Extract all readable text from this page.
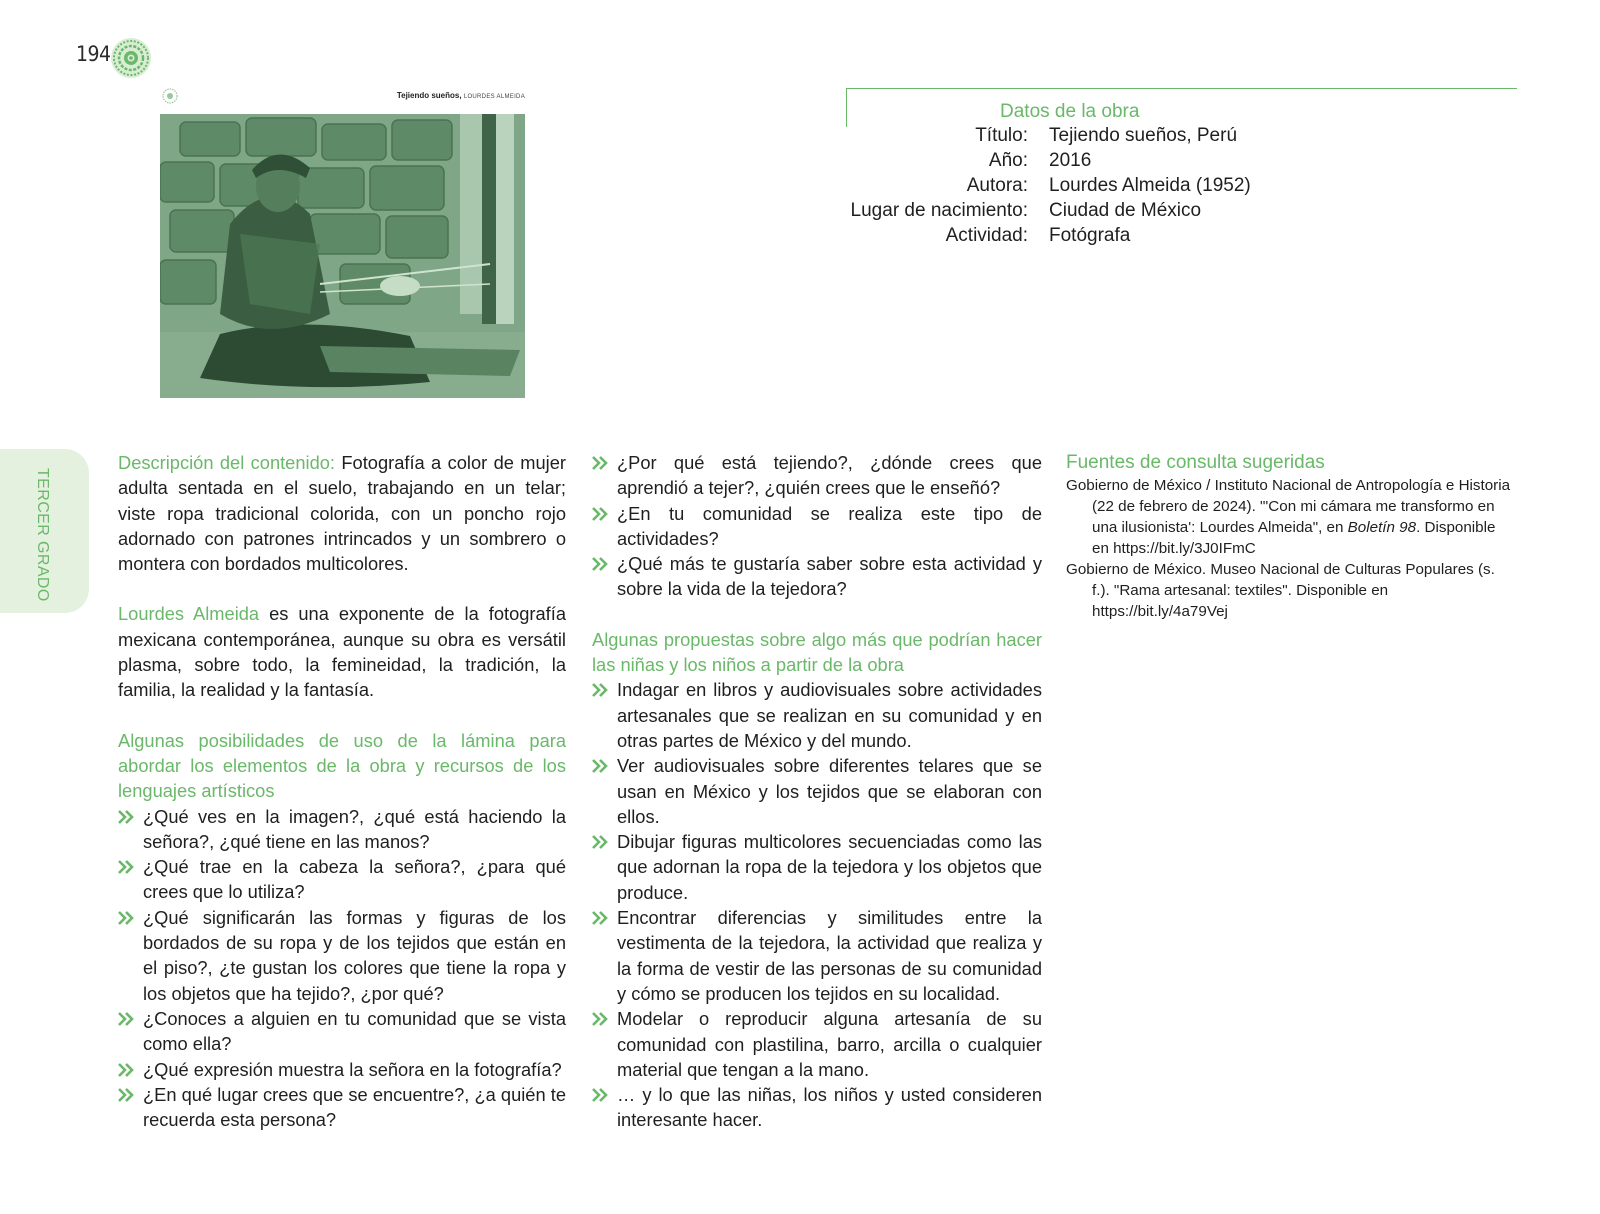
194
TERCER GRADO
Tejiendo sueños, LOURDES ALMEIDA
Datos de la obra
Título: Tejiendo sueños, Perú
Año: 2016
Autora: Lourdes Almeida (1952)
Lugar de nacimiento: Ciudad de México
Actividad: Fotógrafa

Descripción del contenido: Fotografía a color de mujer adulta sentada en el suelo, trabajando en un telar; viste ropa tradicional colorida, con un poncho rojo adornado con patrones intrincados y un sombrero o montera con bordados multicolores.

Lourdes Almeida es una exponente de la fotografía mexicana contemporánea, aunque su obra es versátil plasma, sobre todo, la femineidad, la tradición, la familia, la realidad y la fantasía.

Algunas posibilidades de uso de la lámina para abordar los elementos de la obra y recursos de los lenguajes artísticos

¿Qué ves en la imagen?, ¿qué está haciendo la señora?, ¿qué tiene en las manos?
¿Qué trae en la cabeza la señora?, ¿para qué crees que lo utiliza?
¿Qué significarán las formas y figuras de los bordados de su ropa y de los tejidos que están en el piso?, ¿te gustan los colores que tiene la ropa y los objetos que ha tejido?, ¿por qué?
¿Conoces a alguien en tu comunidad que se vista como ella?
¿Qué expresión muestra la señora en la fotografía?
¿En qué lugar crees que se encuentre?, ¿a quién te recuerda esta persona?
¿Por qué está tejiendo?, ¿dónde crees que aprendió a tejer?, ¿quién crees que le enseñó?
¿En tu comunidad se realiza este tipo de actividades?
¿Qué más te gustaría saber sobre esta actividad y sobre la vida de la tejedora?

Algunas propuestas sobre algo más que podrían hacer las niñas y los niños a partir de la obra

Indagar en libros y audiovisuales sobre actividades artesanales que se realizan en su comunidad y en otras partes de México y del mundo.
Ver audiovisuales sobre diferentes telares que se usan en México y los tejidos que se elaboran con ellos.
Dibujar figuras multicolores secuenciadas como las que adornan la ropa de la tejedora y los objetos que produce.
Encontrar diferencias y similitudes entre la vestimenta de la tejedora, la actividad que realiza y la forma de vestir de las personas de su comunidad y cómo se producen los tejidos en su localidad.
Modelar o reproducir alguna artesanía de su comunidad con plastilina, barro, arcilla o cualquier material que tengan a la mano.
… y lo que las niñas, los niños y usted consideren interesante hacer.

Fuentes de consulta sugeridas

Gobierno de México / Instituto Nacional de Antropología e Historia (22 de febrero de 2024). "'Con mi cámara me transformo en una ilusionista': Lourdes Almeida", en Boletín 98. Disponible en https://bit.ly/3J0IFmC

Gobierno de México. Museo Nacional de Culturas Populares (s. f.). "Rama artesanal: textiles". Disponible en https://bit.ly/4a79Vej
